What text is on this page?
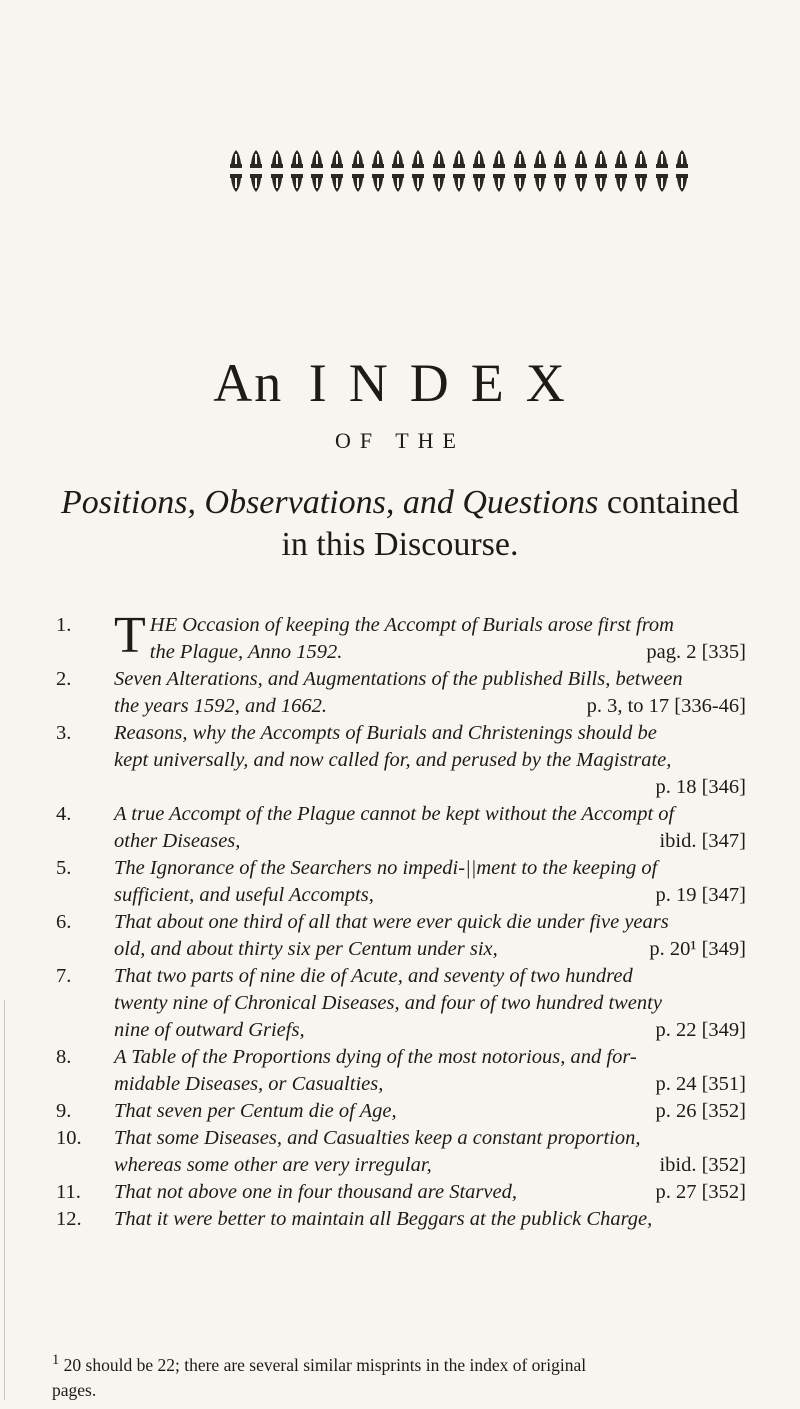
An INDEX
OF THE
Positions, Observations, and Questions contained
in this Discourse.
1. T HE Occasion of keeping the Accompt of Burials arose first from

the Plague, Anno 1592.	pag. 2 [335]

2.	Seven Alterations, and Augmentations of the published Bills, between

the years 1592, and 1662.	p. 3, to 17 [336-46]

3.	Reasons, why the Accompts of Burials and Christenings should be

kept universally, and now called for, and perused by the Magistrate,

p. 18 [346]

4.	A true Accompt of the Plague cannot be kept without the Accompt of

other Diseases,	ibid. [347]

5.	The Ignorance of the Searchers no impedi-||ment to the keeping of

sufficient, and useful Accompts,	p. 19 [347]

6.	That about one third of all that were ever quick die under five years

old, and about thirty six per Centum under six,	p. 20¹ [349]

7.	That two parts of nine die of Acute, and seventy of two hundred

twenty nine of Chronical Diseases, and four of two hundred twenty

nine of outward Griefs,	p. 22 [349]

8.	A Table of the Proportions dying of the most notorious, and for-

midable Diseases, or Casualties,	p. 24 [351]

9.	That seven per Centum die of Age,	p. 26 [352]

10.	That some Diseases, and Casualties keep a constant proportion,

whereas some other are very irregular,	ibid. [352]

11.	That not above one in four thousand are Starved,	p. 27 [352]

12.	That it were better to maintain all Beggars at the publick Charge,

$^1$ 20 should be 22; there are several similar misprints in the index of original
pages.
